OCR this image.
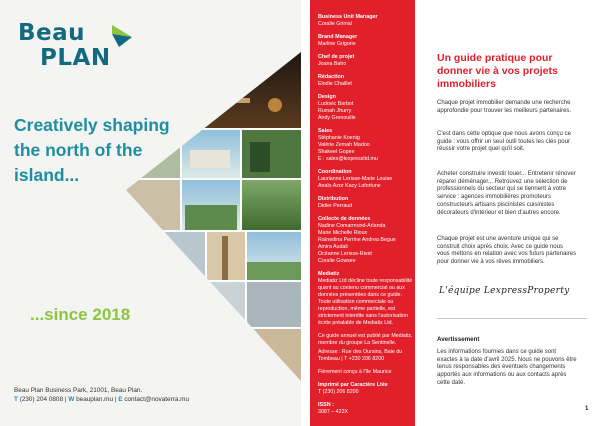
Beau
PLAN
Creatively shaping the north of the island...
...since 2018
Beau Plan Business Park, 21001, Beau Plan.
T (230) 204 0808 | W beauplan.mu | E contact@novaterra.mu
Business Unit Manager
Coralie Grimal
Brand Manager
Marline Grigorie
Chef de projet
Joana Baho
Rédaction
Elodie Chaillet
Design
Ludovic Barbot
Rumah Jhurry
Andy Grenouille
Sales
Stéphanie Koenig
Valérie Zemah Madoo
Shakeel Gopee
E : sales@lexpressltd.mu
Coordination
Laurianne Lerisse-Marie Louise
Anaïs Azor Kacy Lafortune
Distribution
Didier Perraud
Collecte de données
Nadine Comarmond-Arlanda
Marie Michelle Rioux
Raïnedina Perrine Andrea Begue
Amira Audali
Océanne Lerisse-Rivet
Coralie Gowsee
Mediatiz

Mediatiz Ltd décline toute responsabilité quant au contenu commercial ou aux données présentées dans ce guide. Toute utilisation commerciale ou reproduction, même partielle, est strictement interdite sans l'autorisation écrite préalable de Mediatiz Ltd.

Ce guide annuel est publié par Mediatiz, membre du groupe La Sentinelle.

Adresse : Rue des Oursins, Baie du Tombeau | T +230 206 8200

Fièrement conçu à l'île Maurice

Imprimé par Caractère Ltée
T (230) 206 8200
ISSN :
3087 – 422X
Un guide pratique pour donner vie à vos projets immobiliers

Chaque projet immobilier demande une recherche approfondie pour trouver les meilleurs partenaires.

C'est dans cette optique que nous avons conçu ce guide : vous offrir un seul outil toutes les clés pour réussir votre projet quel qu'il soit.

Acheter construire investir louer... Entretenir rénover réparer déménager... Retrouvez une sélection de professionnels du secteur qui se tiennent à votre service : agences immobilières promoteurs constructeurs artisans piscinistes cuisinistes décorateurs d'intérieur et bien d'autres encore.

Chaque projet est une aventure unique qui se construit choix après choix. Avec ce guide nous vous mettons en relation avec vos futurs partenaires pour donner vie à vos rêves immobiliers.

L'équipe LexpressProperty
Avertissement

Les informations fournies dans ce guide sont exactes à la date d'avril 2025. Nous ne pouvons être tenus responsables des éventuels changements apportés aux informations ou aux contacts après cette date.

1
